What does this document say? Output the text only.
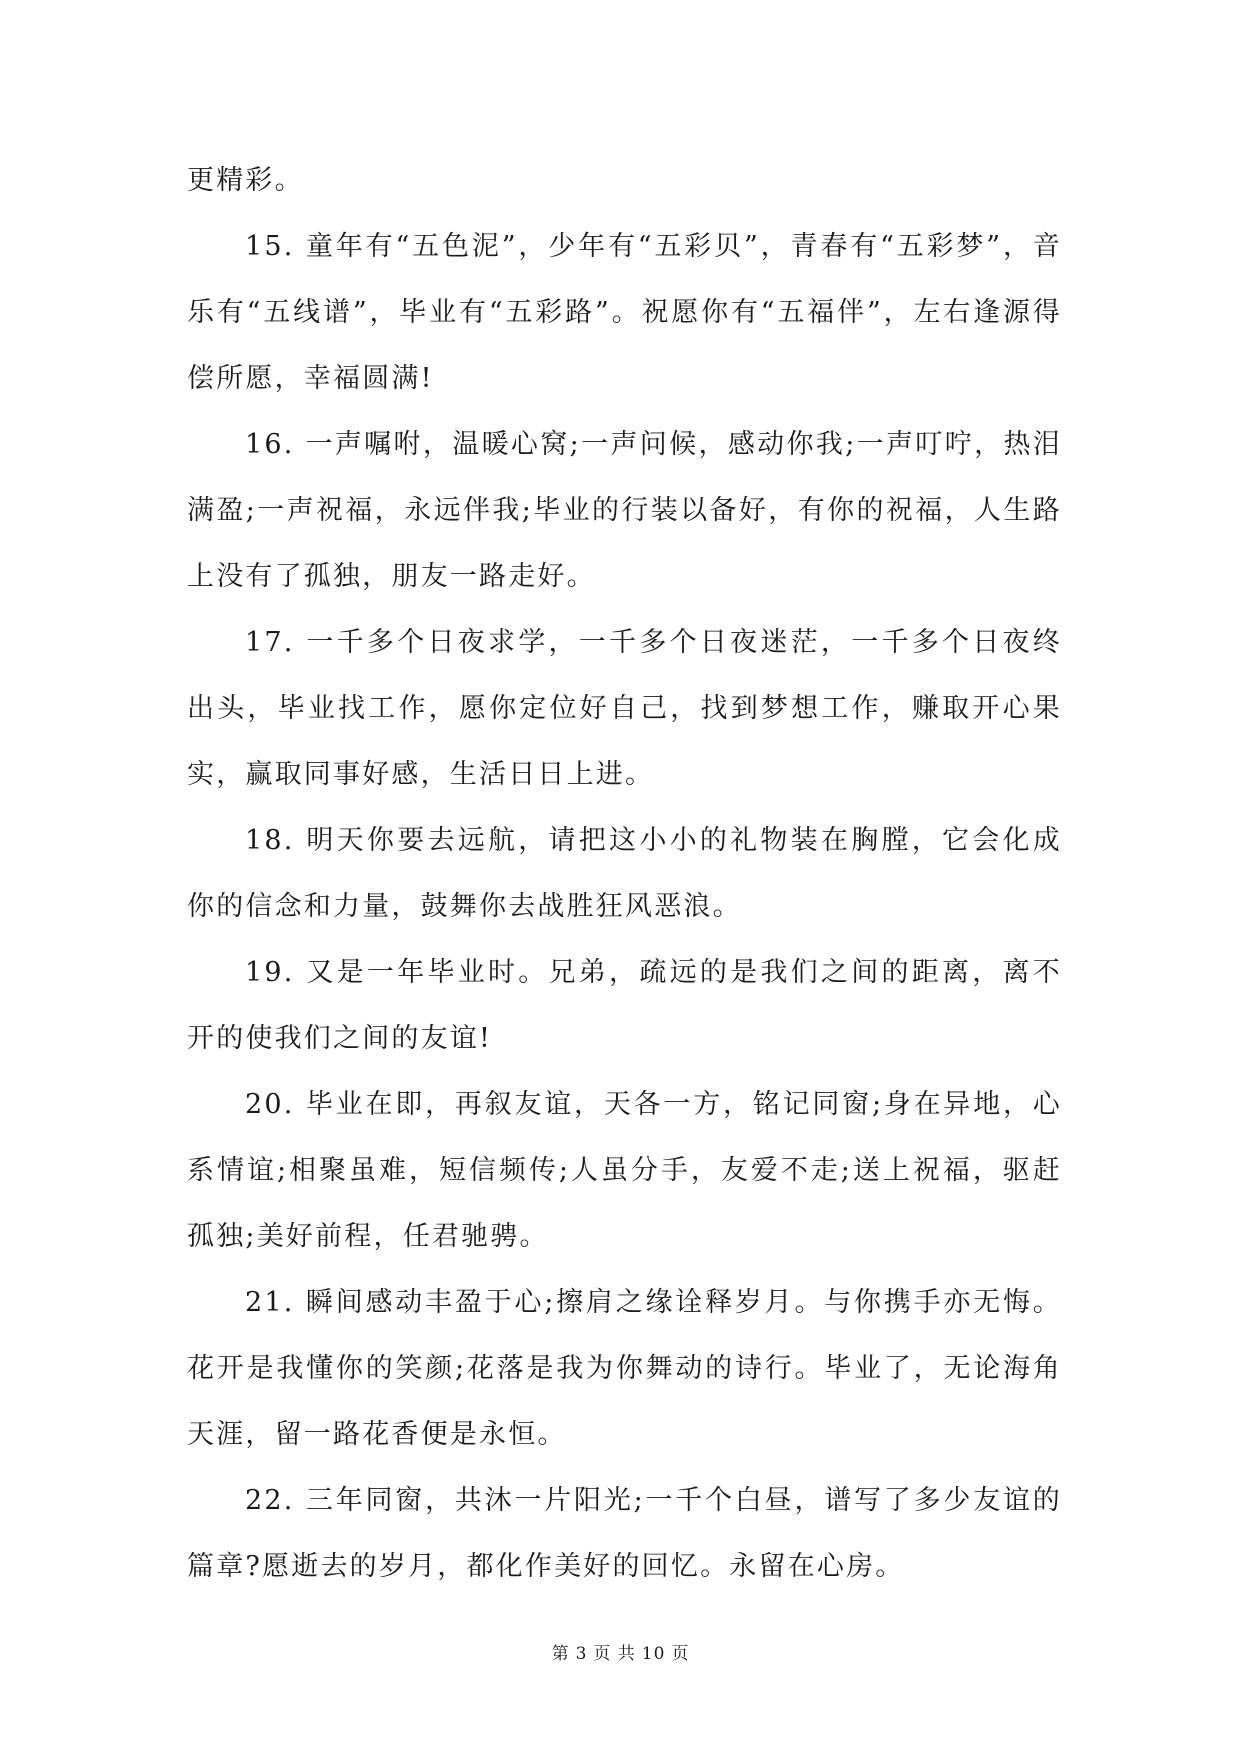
更精彩。

15. 童年有“五色泥”，少年有“五彩贝”，青春有“五彩梦”，音乐有“五线谱”，毕业有“五彩路”。祝愿你有“五福伴”，左右逢源得偿所愿，幸福圆满!

16. 一声嘱咐，温暖心窝;一声问候，感动你我;一声叮咛，热泪满盈;一声祝福，永远伴我;毕业的行装以备好，有你的祝福，人生路上没有了孤独，朋友一路走好。

17. 一千多个日夜求学，一千多个日夜迷茫，一千多个日夜终出头，毕业找工作，愿你定位好自己，找到梦想工作，赚取开心果实，赢取同事好感，生活日日上进。

18. 明天你要去远航，请把这小小的礼物装在胸膛，它会化成你的信念和力量，鼓舞你去战胜狂风恶浪。

19. 又是一年毕业时。兄弟，疏远的是我们之间的距离，离不开的使我们之间的友谊!

20. 毕业在即，再叙友谊，天各一方，铭记同窗;身在异地，心系情谊;相聚虽难，短信频传;人虽分手，友爱不走;送上祝福，驱赶孤独;美好前程，任君驰骋。

21. 瞬间感动丰盈于心;擦肩之缘诠释岁月。与你携手亦无悔。花开是我懂你的笑颜;花落是我为你舞动的诗行。毕业了，无论海角天涯，留一路花香便是永恒。

22. 三年同窗，共沐一片阳光;一千个白昼，谱写了多少友谊的篇章?愿逝去的岁月，都化作美好的回忆。永留在心房。

第 3 页 共 10 页
